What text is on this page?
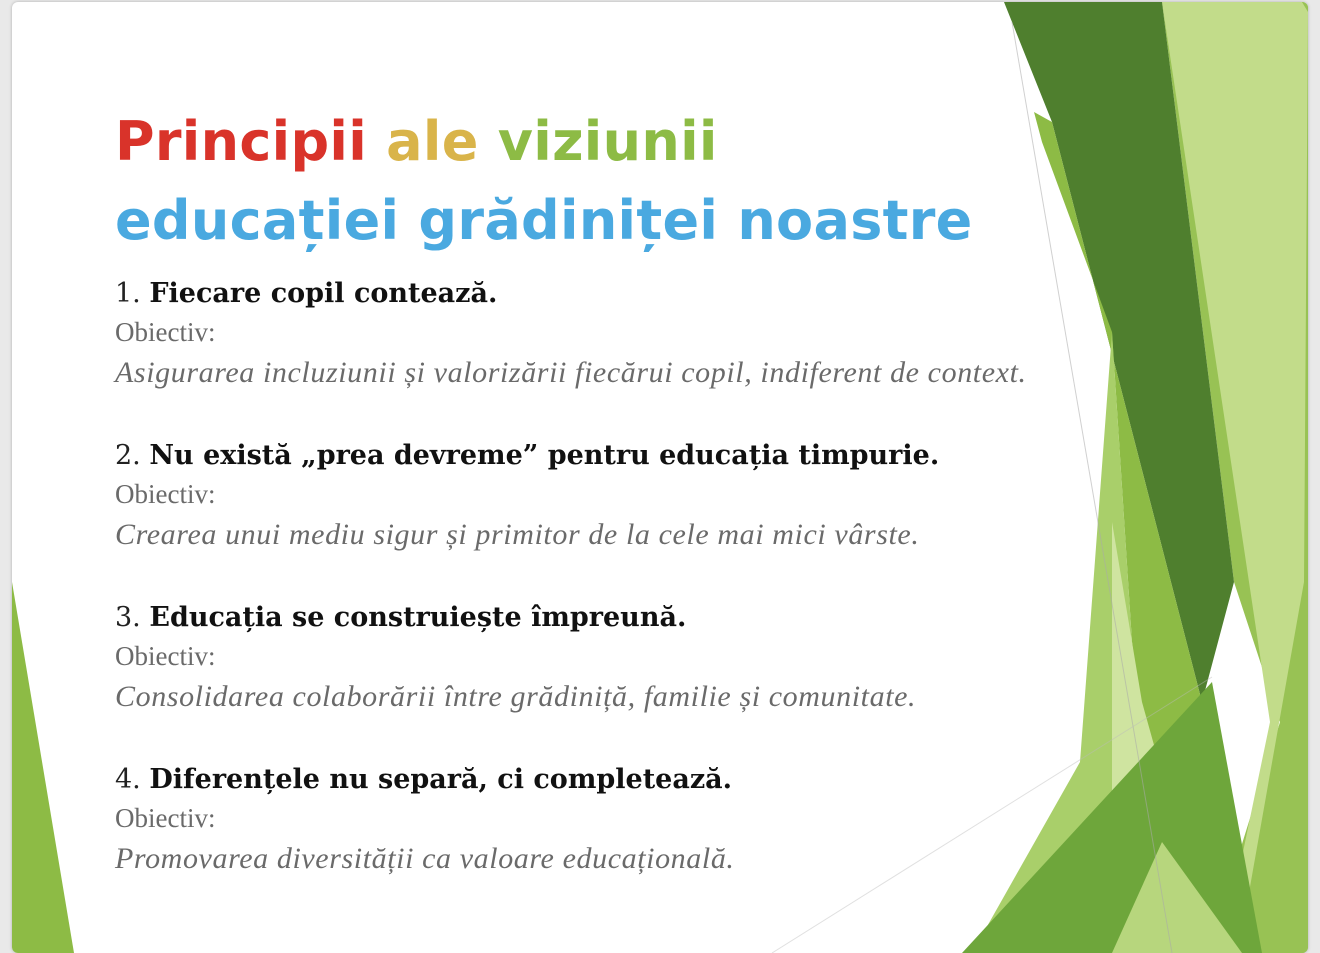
Principii ale viziunii
educației grădiniței noastre
1. Fiecare copil contează.
Obiectiv:
Asigurarea incluziunii și valorizării fiecărui copil, indiferent de context.
2. Nu există „prea devreme” pentru educația timpurie.
Obiectiv:
Crearea unui mediu sigur și primitor de la cele mai mici vârste.
3. Educația se construiește împreună.
Obiectiv:
Consolidarea colaborării între grădiniță, familie și comunitate.
4. Diferențele nu separă, ci completează.
Obiectiv:
Promovarea diversității ca valoare educațională.
